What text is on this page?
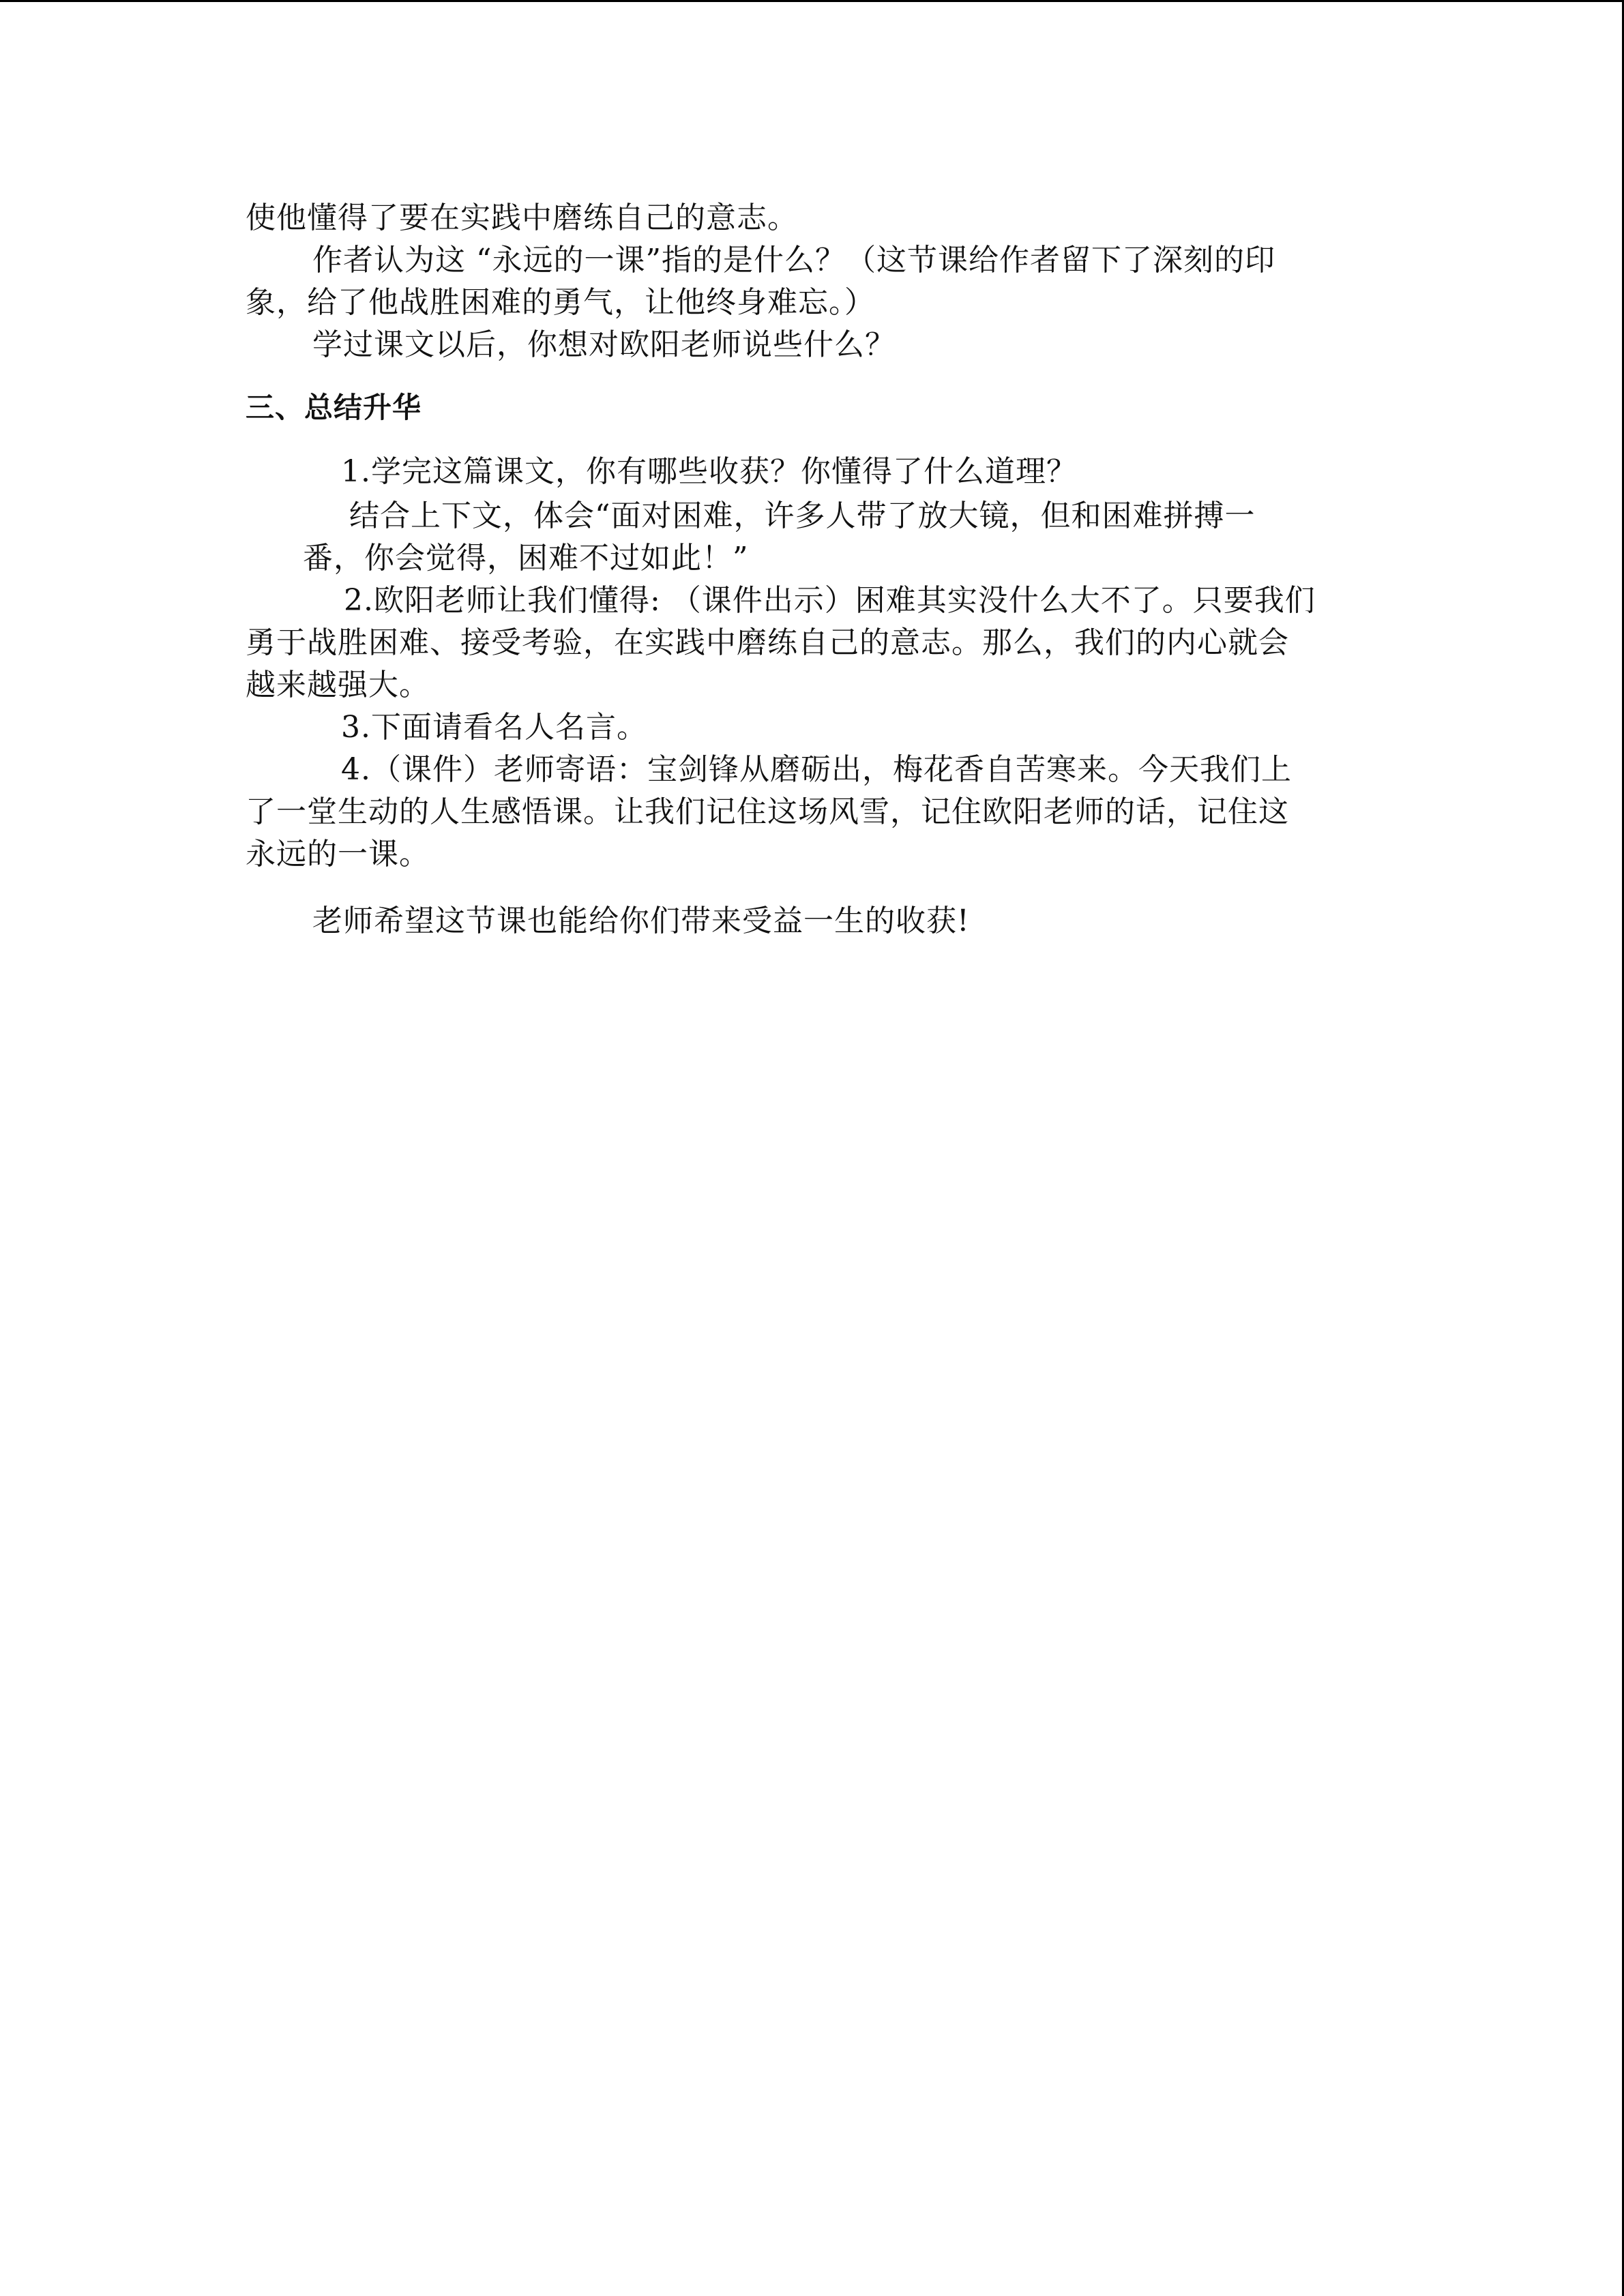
使他懂得了要在实践中磨练自己的意志。
作者认为这 “永远的一课”指的是什么？（这节课给作者留下了深刻的印
象，给了他战胜困难的勇气，让他终身难忘。）
学过课文以后，你想对欧阳老师说些什么？
三、总结升华
1.学完这篇课文，你有哪些收获？你懂得了什么道理？
结合上下文，体会“面对困难，许多人带了放大镜，但和困难拼搏一
番，你会觉得，困难不过如此！”
2.欧阳老师让我们懂得: （课件出示）困难其实没什么大不了。只要我们
勇于战胜困难、接受考验，在实践中磨练自己的意志。那么，我们的内心就会
越来越强大。
3.下面请看名人名言。
4.（课件）老师寄语：宝剑锋从磨砺出，梅花香自苦寒来。今天我们上
了一堂生动的人生感悟课。让我们记住这场风雪，记住欧阳老师的话，记住这
永远的一课。
老师希望这节课也能给你们带来受益一生的收获!
